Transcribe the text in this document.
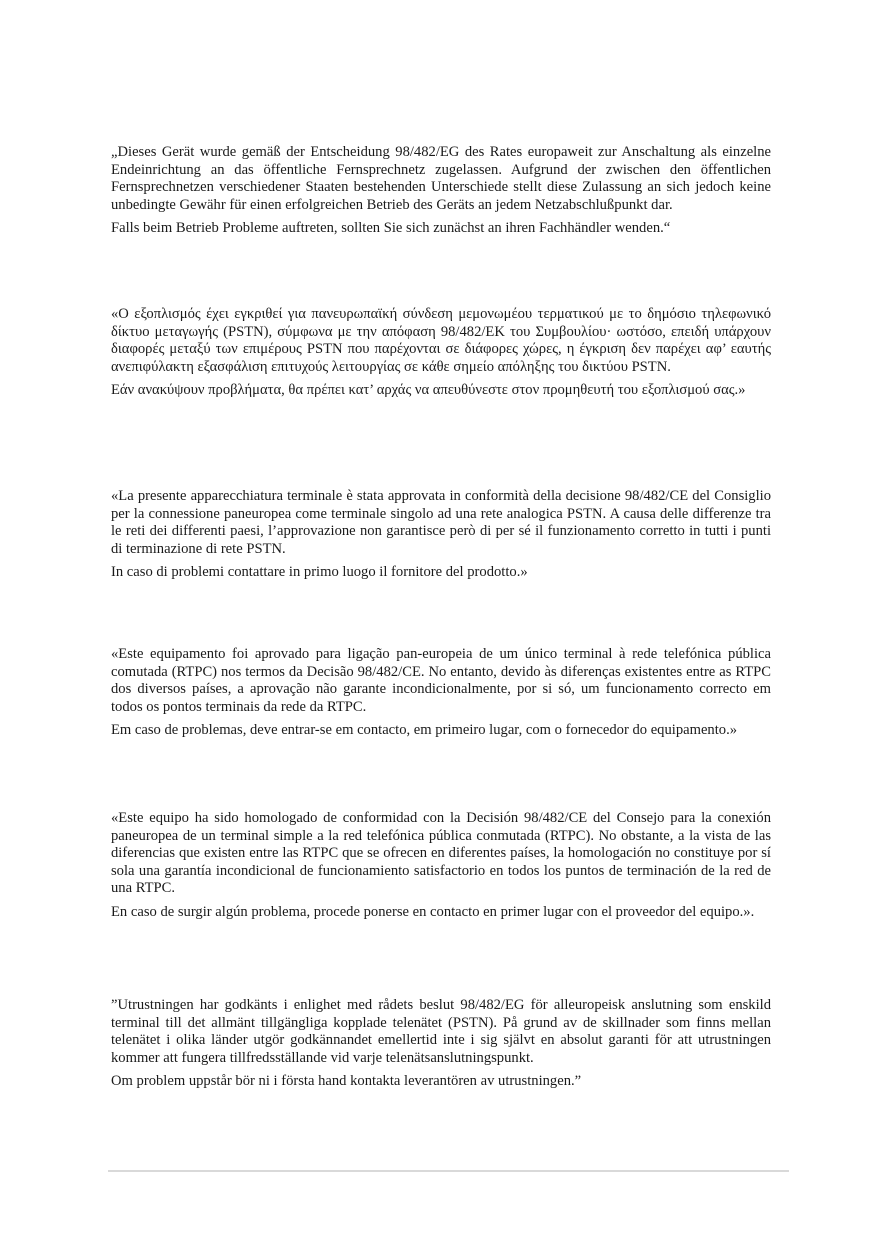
„Dieses Gerät wurde gemäß der Entscheidung 98/482/EG des Rates europaweit zur Anschaltung als einzelne Endeinrichtung an das öffentliche Fernsprechnetz zugelassen. Aufgrund der zwischen den öffentlichen Fernsprechnetzen verschiedener Staaten bestehenden Unterschiede stellt diese Zulassung an sich jedoch keine unbedingte Gewähr für einen erfolgreichen Betrieb des Geräts an jedem Netzabschlußpunkt dar.

Falls beim Betrieb Probleme auftreten, sollten Sie sich zunächst an ihren Fachhändler wenden.“

«Ο εξοπλισμός έχει εγκριθεί για πανευρωπαϊκή σύνδεση μεμονωμέου τερματικού με το δημόσιο τηλεφωνικό δίκτυο μεταγωγής (PSTN), σύμφωνα με την απόφαση 98/482/ΕΚ του Συμβουλίου· ωστόσο, επειδή υπάρχουν διαφορές μεταξύ των επιμέρους PSTN που παρέχονται σε διάφορες χώρες, η έγκριση δεν παρέχει αφ’ εαυτής ανεπιφύλακτη εξασφάλιση επιτυχούς λειτουργίας σε κάθε σημείο απόληξης του δικτύου PSTN.

Εάν ανακύψουν προβλήματα, θα πρέπει κατ’ αρχάς να απευθύνεστε στον προμηθευτή του εξοπλισμού σας.»

«La presente apparecchiatura terminale è stata approvata in conformità della decisione 98/482/CE del Consiglio per la connessione paneuropea come terminale singolo ad una rete analogica PSTN. A causa delle differenze tra le reti dei differenti paesi, l’approvazione non garantisce però di per sé il funzionamento corretto in tutti i punti di terminazione di rete PSTN.

In caso di problemi contattare in primo luogo il fornitore del prodotto.»

«Este equipamento foi aprovado para ligação pan-europeia de um único terminal à rede telefónica pública comutada (RTPC) nos termos da Decisão 98/482/CE. No entanto, devido às diferenças existentes entre as RTPC dos diversos países, a aprovação não garante incondicionalmente, por si só, um funcionamento correcto em todos os pontos terminais da rede da RTPC.

Em caso de problemas, deve entrar-se em contacto, em primeiro lugar, com o fornecedor do equipamento.»

«Este equipo ha sido homologado de conformidad con la Decisión 98/482/CE del Consejo para la conexión paneuropea de un terminal simple a la red telefónica pública conmutada (RTPC). No obstante, a la vista de las diferencias que existen entre las RTPC que se ofrecen en diferentes países, la homologación no constituye por sí sola una garantía incondicional de funcionamiento satisfactorio en todos los puntos de terminación de la red de una RTPC.

En caso de surgir algún problema, procede ponerse en contacto en primer lugar con el proveedor del equipo.».

”Utrustningen har godkänts i enlighet med rådets beslut 98/482/EG för alleuropeisk anslutning som enskild terminal till det allmänt tillgängliga kopplade telenätet (PSTN). På grund av de skillnader som finns mellan telenätet i olika länder utgör godkännandet emellertid inte i sig självt en absolut garanti för att utrustningen kommer att fungera tillfredsställande vid varje telenätsanslutningspunkt.

Om problem uppstår bör ni i första hand kontakta leverantören av utrustningen.”
